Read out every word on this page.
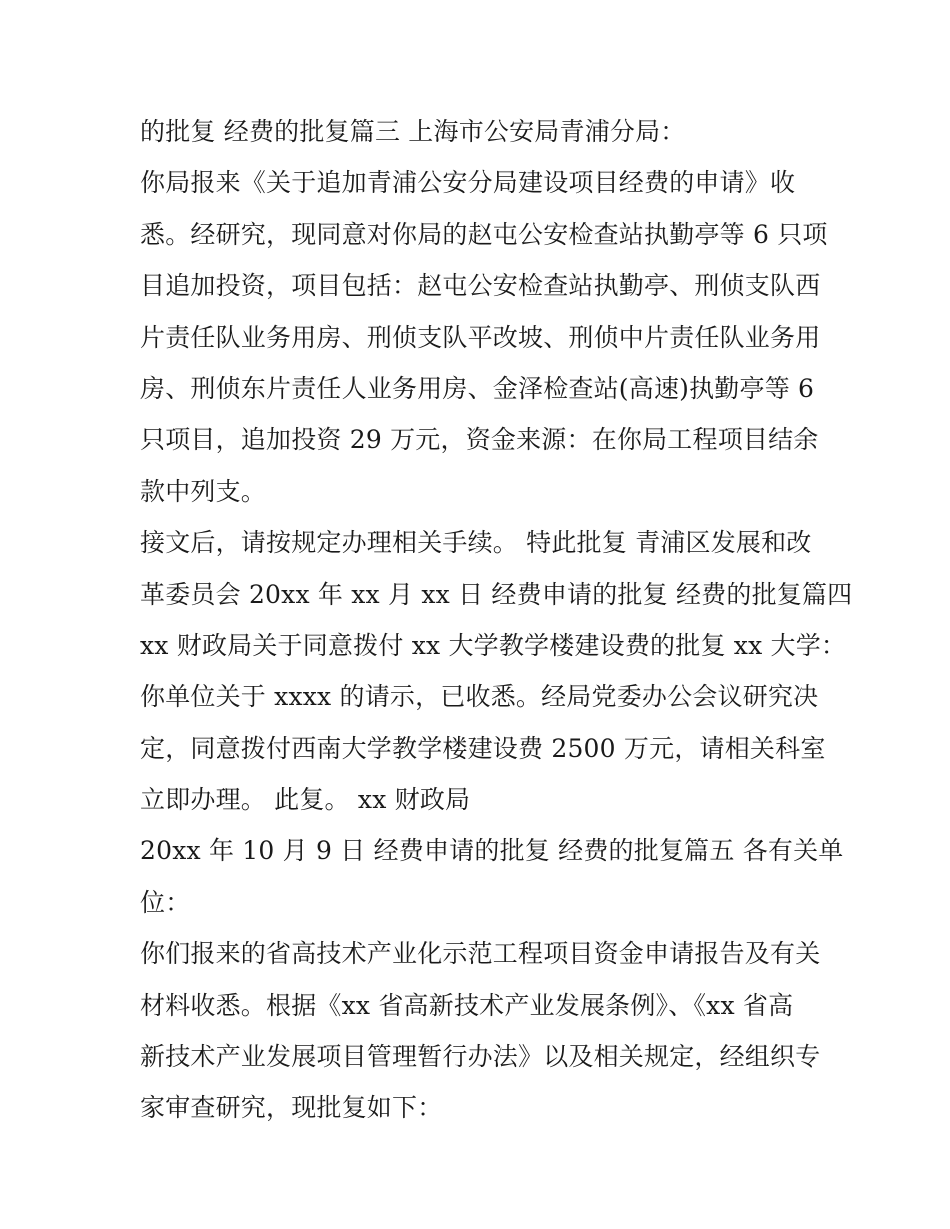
的批复 经费的批复篇三 上海市公安局青浦分局：
你局报来《关于追加青浦公安分局建设项目经费的申请》收
悉。经研究，现同意对你局的赵屯公安检查站执勤亭等 6 只项
目追加投资，项目包括：赵屯公安检查站执勤亭、刑侦支队西
片责任队业务用房、刑侦支队平改坡、刑侦中片责任队业务用
房、刑侦东片责任人业务用房、金泽检查站(高速)执勤亭等 6
只项目，追加投资 29 万元，资金来源：在你局工程项目结余
款中列支。
接文后，请按规定办理相关手续。 特此批复 青浦区发展和改
革委员会 20xx 年 xx 月 xx 日 经费申请的批复 经费的批复篇四
xx 财政局关于同意拨付 xx 大学教学楼建设费的批复 xx 大学：
你单位关于 xxxx 的请示，已收悉。经局党委办公会议研究决
定，同意拨付西南大学教学楼建设费 2500 万元，请相关科室
立即办理。 此复。 xx 财政局
20xx 年 10 月 9 日 经费申请的批复 经费的批复篇五 各有关单
位：
你们报来的省高技术产业化示范工程项目资金申请报告及有关
材料收悉。根据《xx 省高新技术产业发展条例》、《xx 省高
新技术产业发展项目管理暂行办法》以及相关规定，经组织专
家审查研究，现批复如下：
